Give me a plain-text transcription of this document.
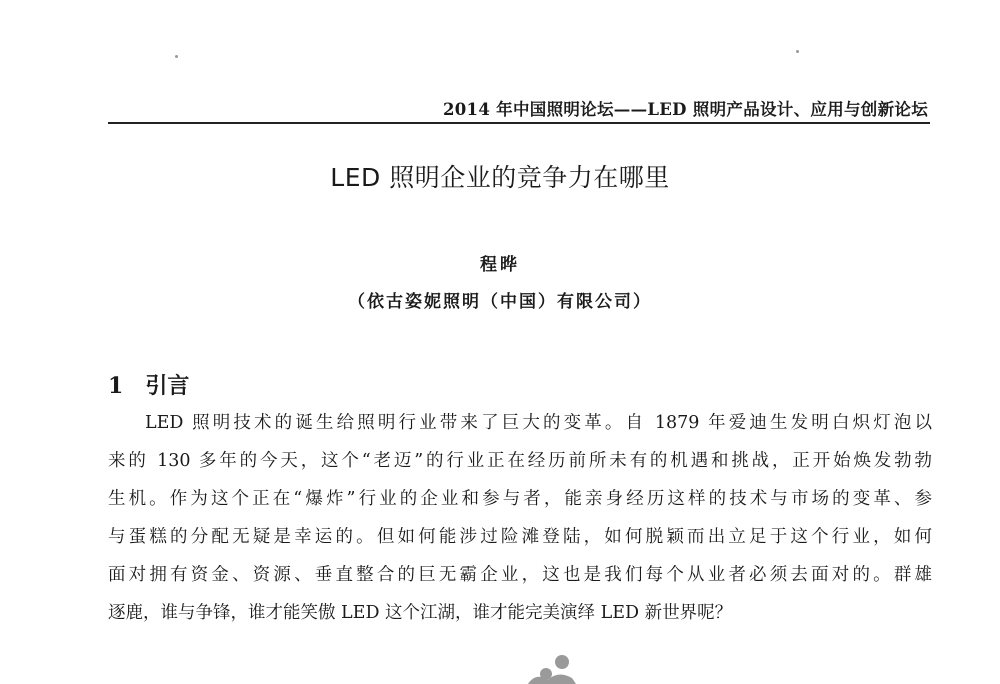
2014 年中国照明论坛——LED 照明产品设计、应用与创新论坛
LED 照明企业的竞争力在哪里
程晔
（依古姿妮照明（中国）有限公司）
1 引言
LED 照明技术的诞生给照明行业带来了巨大的变革。自 1879 年爱迪生发明白炽灯泡以
来的 130 多年的今天，这个“老迈”的行业正在经历前所未有的机遇和挑战，正开始焕发勃勃
生机。作为这个正在“爆炸”行业的企业和参与者，能亲身经历这样的技术与市场的变革、参
与蛋糕的分配无疑是幸运的。但如何能涉过险滩登陆，如何脱颖而出立足于这个行业，如何
面对拥有资金、资源、垂直整合的巨无霸企业，这也是我们每个从业者必须去面对的。群雄
逐鹿，谁与争锋，谁才能笑傲 LED 这个江湖，谁才能完美演绎 LED 新世界呢？
